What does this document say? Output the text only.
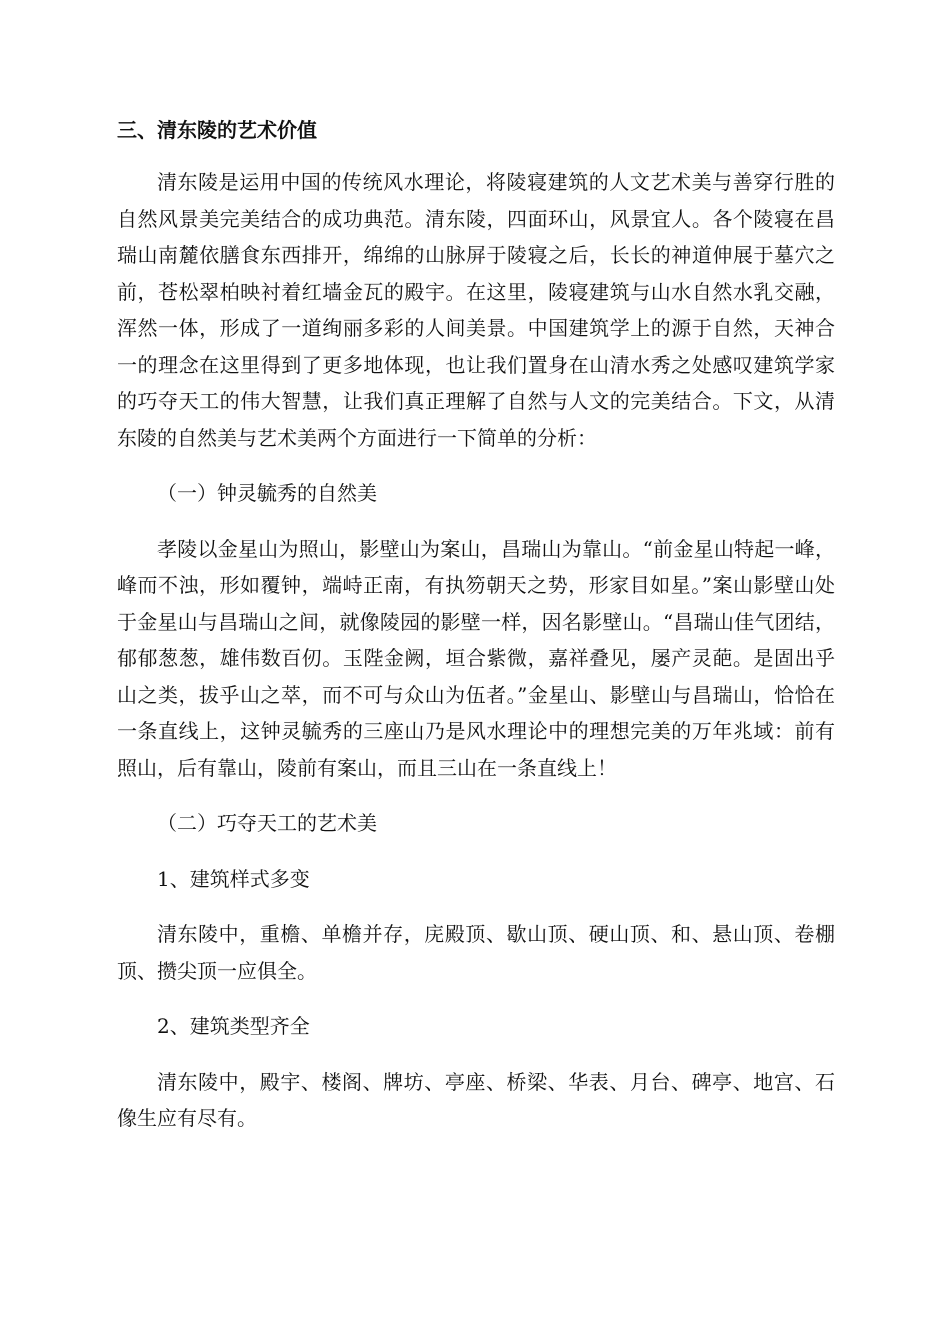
三、清东陵的艺术价值

清东陵是运用中国的传统风水理论，将陵寝建筑的人文艺术美与善穿行胜的自然风景美完美结合的成功典范。清东陵，四面环山，风景宜人。各个陵寝在昌瑞山南麓依膳食东西排开，绵绵的山脉屏于陵寝之后，长长的神道伸展于墓穴之前，苍松翠柏映衬着红墙金瓦的殿宇。在这里，陵寝建筑与山水自然水乳交融，浑然一体，形成了一道绚丽多彩的人间美景。中国建筑学上的源于自然，天神合一的理念在这里得到了更多地体现，也让我们置身在山清水秀之处感叹建筑学家的巧夺天工的伟大智慧，让我们真正理解了自然与人文的完美结合。下文，从清东陵的自然美与艺术美两个方面进行一下简单的分析：

（一）钟灵毓秀的自然美

孝陵以金星山为照山，影壁山为案山，昌瑞山为靠山。“前金星山特起一峰，峰而不浊，形如覆钟，端峙正南，有执笏朝天之势，形家目如星。”案山影壁山处于金星山与昌瑞山之间，就像陵园的影壁一样，因名影壁山。“昌瑞山佳气团结，郁郁葱葱，雄伟数百仞。玉陛金阙，垣合紫微，嘉祥叠见，屡产灵葩。是固出乎山之类，拔乎山之萃，而不可与众山为伍者。”金星山、影壁山与昌瑞山，恰恰在一条直线上，这钟灵毓秀的三座山乃是风水理论中的理想完美的万年兆域：前有照山，后有靠山，陵前有案山，而且三山在一条直线上！

（二）巧夺天工的艺术美

1、建筑样式多变

清东陵中，重檐、单檐并存，庑殿顶、歇山顶、硬山顶、和、悬山顶、卷棚顶、攒尖顶一应俱全。

2、建筑类型齐全

清东陵中，殿宇、楼阁、牌坊、亭座、桥梁、华表、月台、碑亭、地宫、石像生应有尽有。
